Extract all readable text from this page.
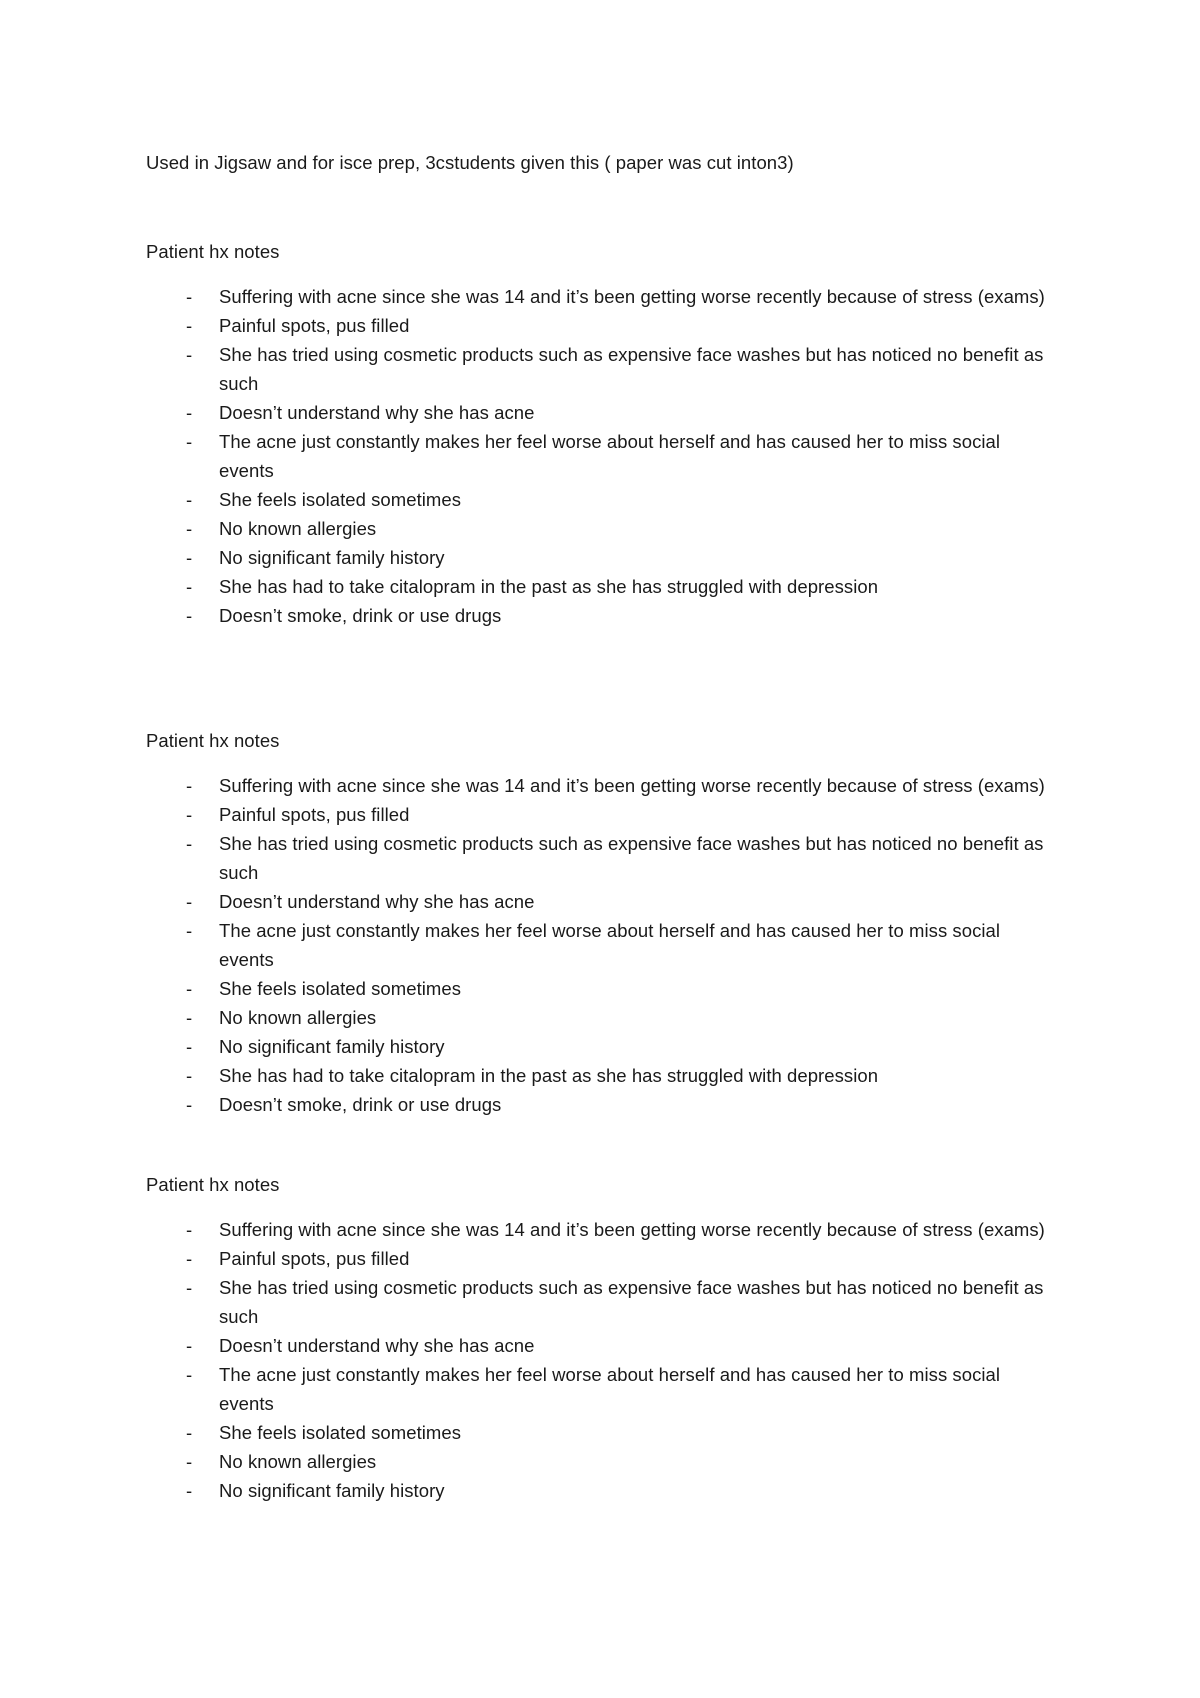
Used in Jigsaw and for isce prep, 3cstudents given this ( paper was cut inton3)
Patient hx notes
-	Suffering with acne since she was 14 and it’s been getting worse recently because of stress (exams)
-	Painful spots, pus filled
-	She has tried using cosmetic products such as expensive face washes but has noticed no benefit as such
-	Doesn’t understand why she has acne
-	The acne just constantly makes her feel worse about herself and has caused her to miss social events
-	She feels isolated sometimes
-	No known allergies
-	No significant family history
-	She has had to take citalopram in the past as she has struggled with depression
-	Doesn’t smoke, drink or use drugs
Patient hx notes
-	Suffering with acne since she was 14 and it’s been getting worse recently because of stress (exams)
-	Painful spots, pus filled
-	She has tried using cosmetic products such as expensive face washes but has noticed no benefit as such
-	Doesn’t understand why she has acne
-	The acne just constantly makes her feel worse about herself and has caused her to miss social events
-	She feels isolated sometimes
-	No known allergies
-	No significant family history
-	She has had to take citalopram in the past as she has struggled with depression
-	Doesn’t smoke, drink or use drugs
Patient hx notes
-	Suffering with acne since she was 14 and it’s been getting worse recently because of stress (exams)
-	Painful spots, pus filled
-	She has tried using cosmetic products such as expensive face washes but has noticed no benefit as such
-	Doesn’t understand why she has acne
-	The acne just constantly makes her feel worse about herself and has caused her to miss social events
-	She feels isolated sometimes
-	No known allergies
-	No significant family history
